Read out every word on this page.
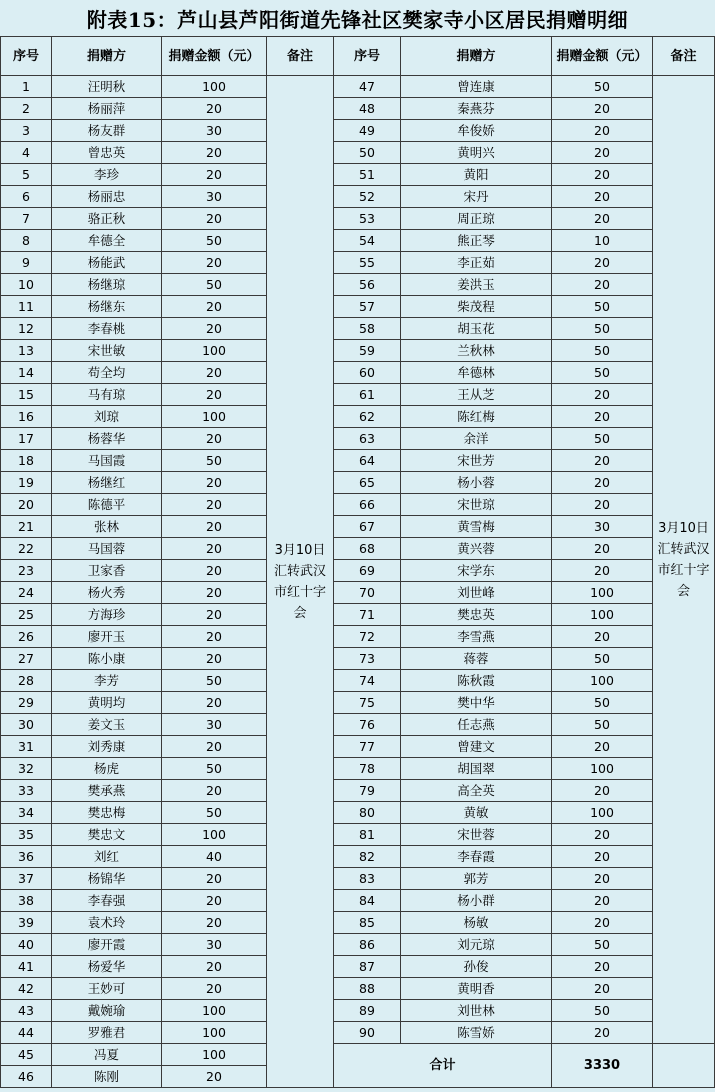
附表15：芦山县芦阳街道先锋社区樊家寺小区居民捐赠明细
序号	捐赠方	捐赠金额（元）	备注	序号	捐赠方	捐赠金额（元）	备注
1	汪明秋	100	3月10日汇转武汉市红十字会	47	曾连康	50	3月10日汇转武汉市红十字会
2	杨丽萍	20		48	秦燕芬	20	
3	杨友群	30		49	牟俊娇	20	
4	曾忠英	20		50	黄明兴	20	
5	李珍	20		51	黄阳	20	
6	杨丽忠	30		52	宋丹	20	
7	骆正秋	20		53	周正琼	20	
8	牟德全	50		54	熊正琴	10	
9	杨能武	20		55	李正茹	20	
10	杨继琼	50		56	姜洪玉	20	
11	杨继东	20		57	柴茂程	50	
12	李春桃	20		58	胡玉花	50	
13	宋世敏	100		59	兰秋林	50	
14	苟全均	20		60	牟德林	50	
15	马有琼	20		61	王从芝	20	
16	刘琼	100		62	陈红梅	20	
17	杨蓉华	20		63	余洋	50	
18	马国霞	50		64	宋世芳	20	
19	杨继红	20		65	杨小蓉	20	
20	陈德平	20		66	宋世琼	20	
21	张林	20		67	黄雪梅	30	
22	马国蓉	20		68	黄兴蓉	20	
23	卫家香	20		69	宋学东	20	
24	杨火秀	20		70	刘世峰	100	
25	方海珍	20		71	樊忠英	100	
26	廖开玉	20		72	李雪燕	20	
27	陈小康	20		73	蒋蓉	50	
28	李芳	50		74	陈秋霞	100	
29	黄明均	20		75	樊中华	50	
30	姜文玉	30		76	任志燕	50	
31	刘秀康	20		77	曾建文	20	
32	杨虎	50		78	胡国翠	100	
33	樊承燕	20		79	高全英	20	
34	樊忠梅	50		80	黄敏	100	
35	樊忠文	100		81	宋世蓉	20	
36	刘红	40		82	李春霞	20	
37	杨锦华	20		83	郭芳	20	
38	李春强	20		84	杨小群	20	
39	袁术玲	20		85	杨敏	20	
40	廖开霞	30		86	刘元琼	50	
41	杨爱华	20		87	孙俊	20	
42	王妙可	20		88	黄明香	20	
43	戴婉瑜	100		89	刘世林	50	
44	罗雅君	100		90	陈雪娇	20	
45	冯夏	100		合计		3330	
46	陈刚	20					
